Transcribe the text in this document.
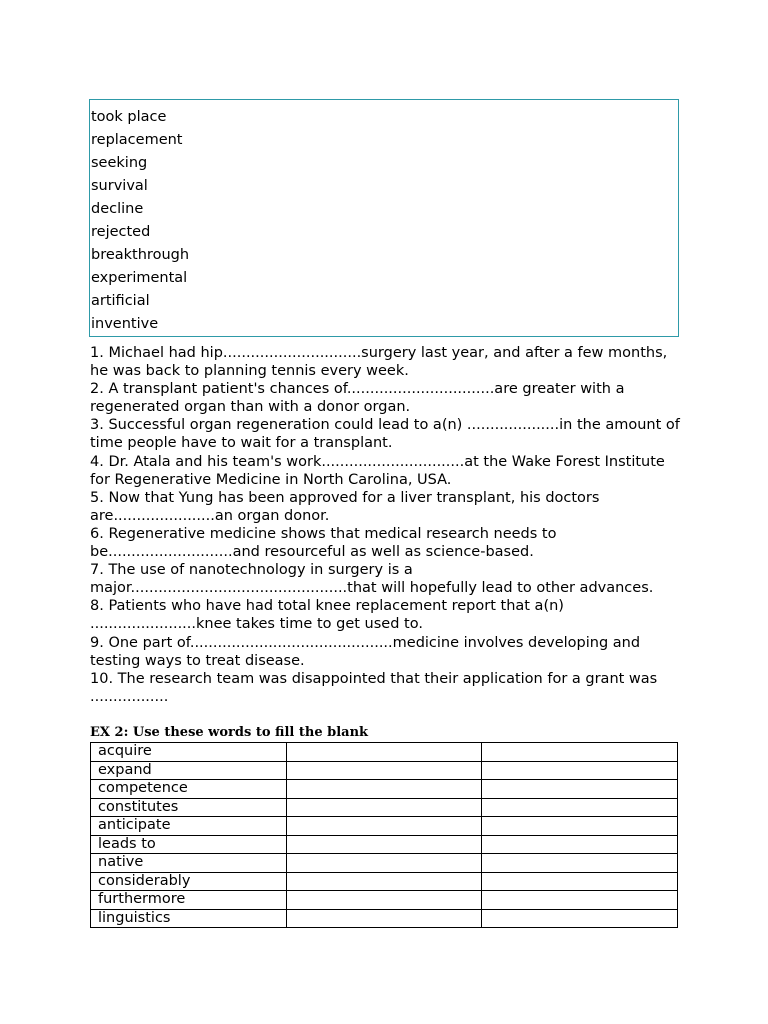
took place
replacement
seeking
survival
decline
rejected
breakthrough
experimental
artificial
inventive

1. Michael had hip..............................surgery last year, and after a few months, he was back to planning tennis every week.

2. A transplant patient's chances of................................are greater with a regenerated organ than with a donor organ.

3. Successful organ regeneration could lead to a(n) ....................in the amount of time people have to wait for a transplant.

4. Dr. Atala and his team's work...............................at the Wake Forest Institute for Regenerative Medicine in North Carolina, USA.

5. Now that Yung has been approved for a liver transplant, his doctors are......................an organ donor.

6. Regenerative medicine shows that medical research needs to be...........................and resourceful as well as science-based.

7. The use of nanotechnology in surgery is a major...............................................that will hopefully lead to other advances.

8. Patients who have had total knee replacement report that a(n) .......................knee takes time to get used to.

9. One part of............................................medicine involves developing and testing ways to treat disease.

10. The research team was disappointed that their application for a grant was .................

EX 2: Use these words to fill the blank
acquire		
expand		
competence		
constitutes		
anticipate		
leads to		
native		
considerably		
furthermore		
linguistics		
